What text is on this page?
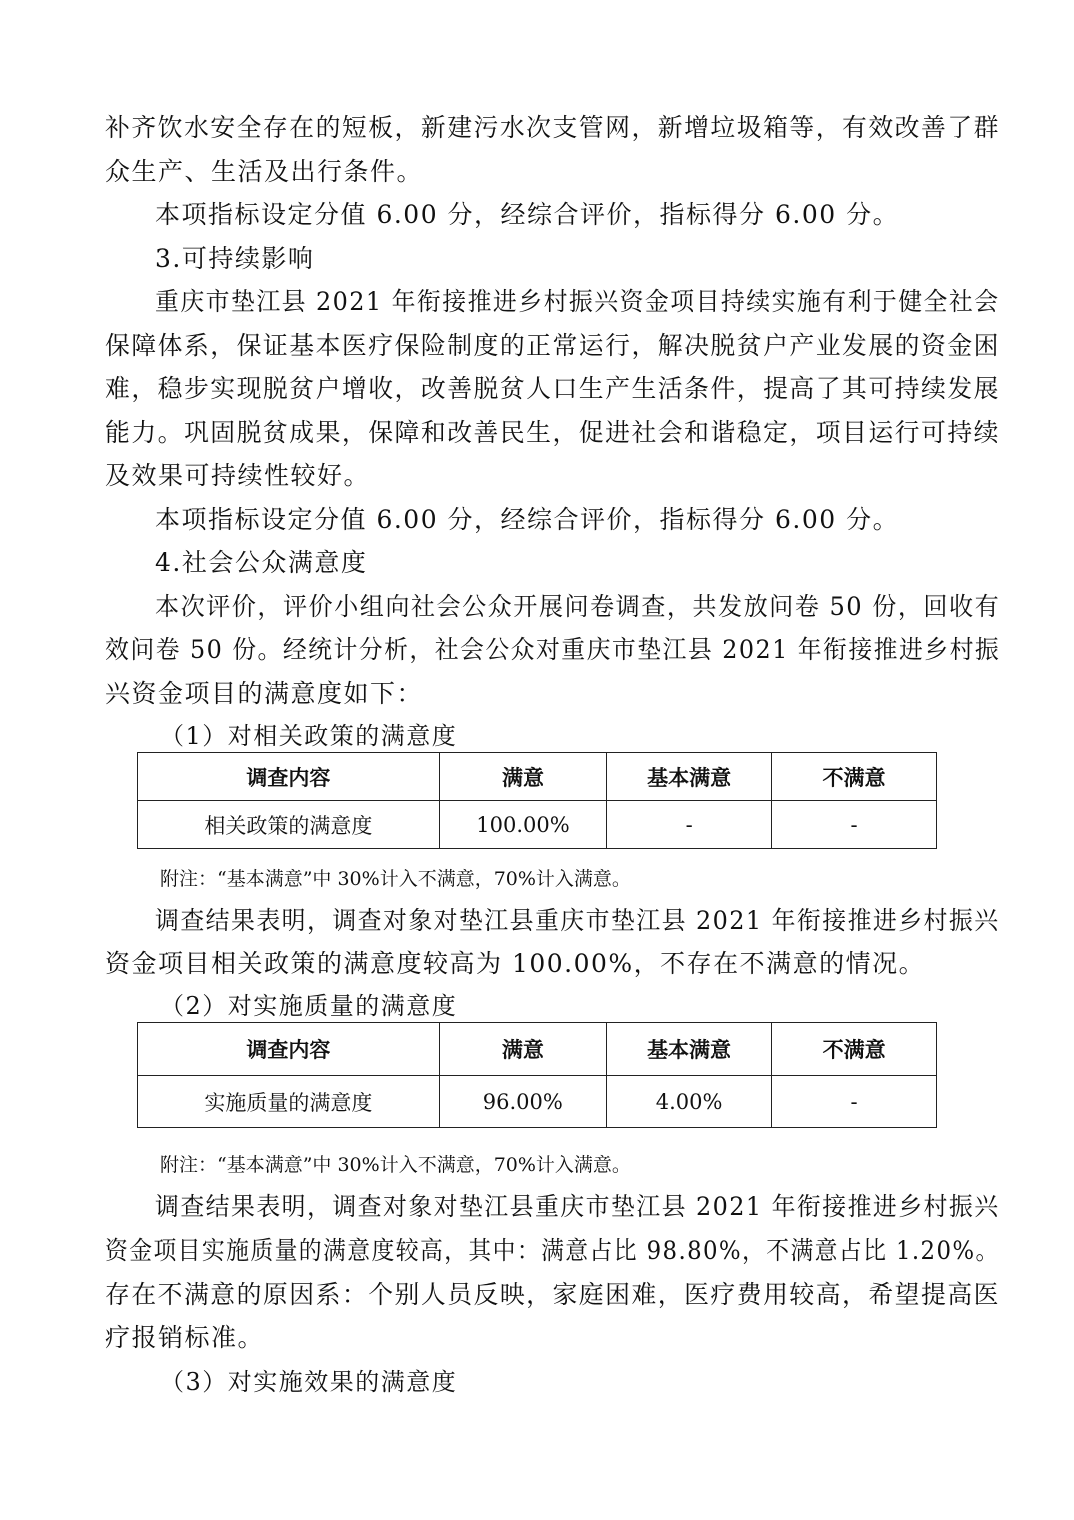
补齐饮水安全存在的短板，新建污水次支管网，新增垃圾箱等，有效改善了群
众生产、生活及出行条件。
本项指标设定分值 6.00 分，经综合评价，指标得分 6.00 分。
3.可持续影响
重庆市垫江县 2021 年衔接推进乡村振兴资金项目持续实施有利于健全社会
保障体系，保证基本医疗保险制度的正常运行，解决脱贫户产业发展的资金困
难，稳步实现脱贫户增收，改善脱贫人口生产生活条件，提高了其可持续发展
能力。巩固脱贫成果，保障和改善民生，促进社会和谐稳定，项目运行可持续
及效果可持续性较好。
本项指标设定分值 6.00 分，经综合评价，指标得分 6.00 分。
4.社会公众满意度
本次评价，评价小组向社会公众开展问卷调查，共发放问卷 50 份，回收有
效问卷 50 份。经统计分析，社会公众对重庆市垫江县 2021 年衔接推进乡村振
兴资金项目的满意度如下：
（1）对相关政策的满意度
调查内容	满意	基本满意	不满意
相关政策的满意度	100.00%	-	-
附注：“基本满意”中 30%计入不满意，70%计入满意。
调查结果表明，调查对象对垫江县重庆市垫江县 2021 年衔接推进乡村振兴
资金项目相关政策的满意度较高为 100.00%，不存在不满意的情况。
（2）对实施质量的满意度
调查内容	满意	基本满意	不满意
实施质量的满意度	96.00%	4.00%	-
附注：“基本满意”中 30%计入不满意，70%计入满意。
调查结果表明，调查对象对垫江县重庆市垫江县 2021 年衔接推进乡村振兴
资金项目实施质量的满意度较高，其中：满意占比 98.80%，不满意占比 1.20%。
存在不满意的原因系：个别人员反映，家庭困难，医疗费用较高，希望提高医
疗报销标准。
（3）对实施效果的满意度
